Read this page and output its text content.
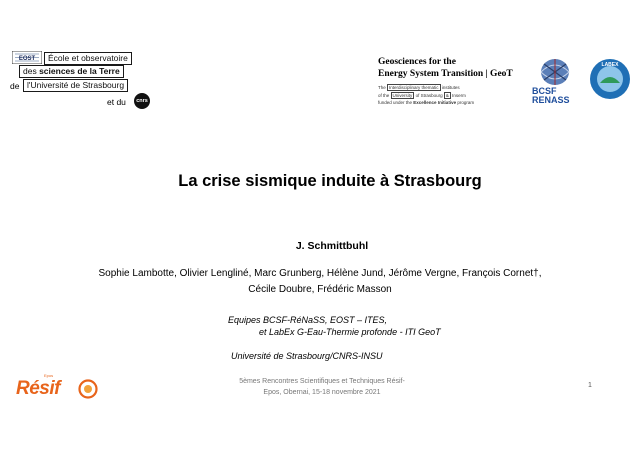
EOST	École et observatoire
des sciences de la Terre
de l'Université de Strasbourg
et du	cnrs
Geosciences for the
Energy System Transition | GeoT
The Interdisciplinary thematic institutes
of the University of Strasbourg & Inserm
funded under the Excellence Initiative program
BCSF
RENASS
LABEX
La crise sismique induite à Strasbourg
J. Schmittbuhl
Sophie Lambotte, Olivier Lengliné, Marc Grunberg, Hélène Jund, Jérôme Vergne, François Cornet†,
Cécile Doubre, Frédéric Masson
Equipes BCSF-RéNaSS, EOST – ITES,
et LabEx G-Eau-Thermie profonde - ITI GeoT
Université de Strasbourg/CNRS-INSU
Epos
Résif	5èmes Rencontres Scientifiques et Techniques Résif-
Epos, Obernai, 15-18 novembre 2021
1
